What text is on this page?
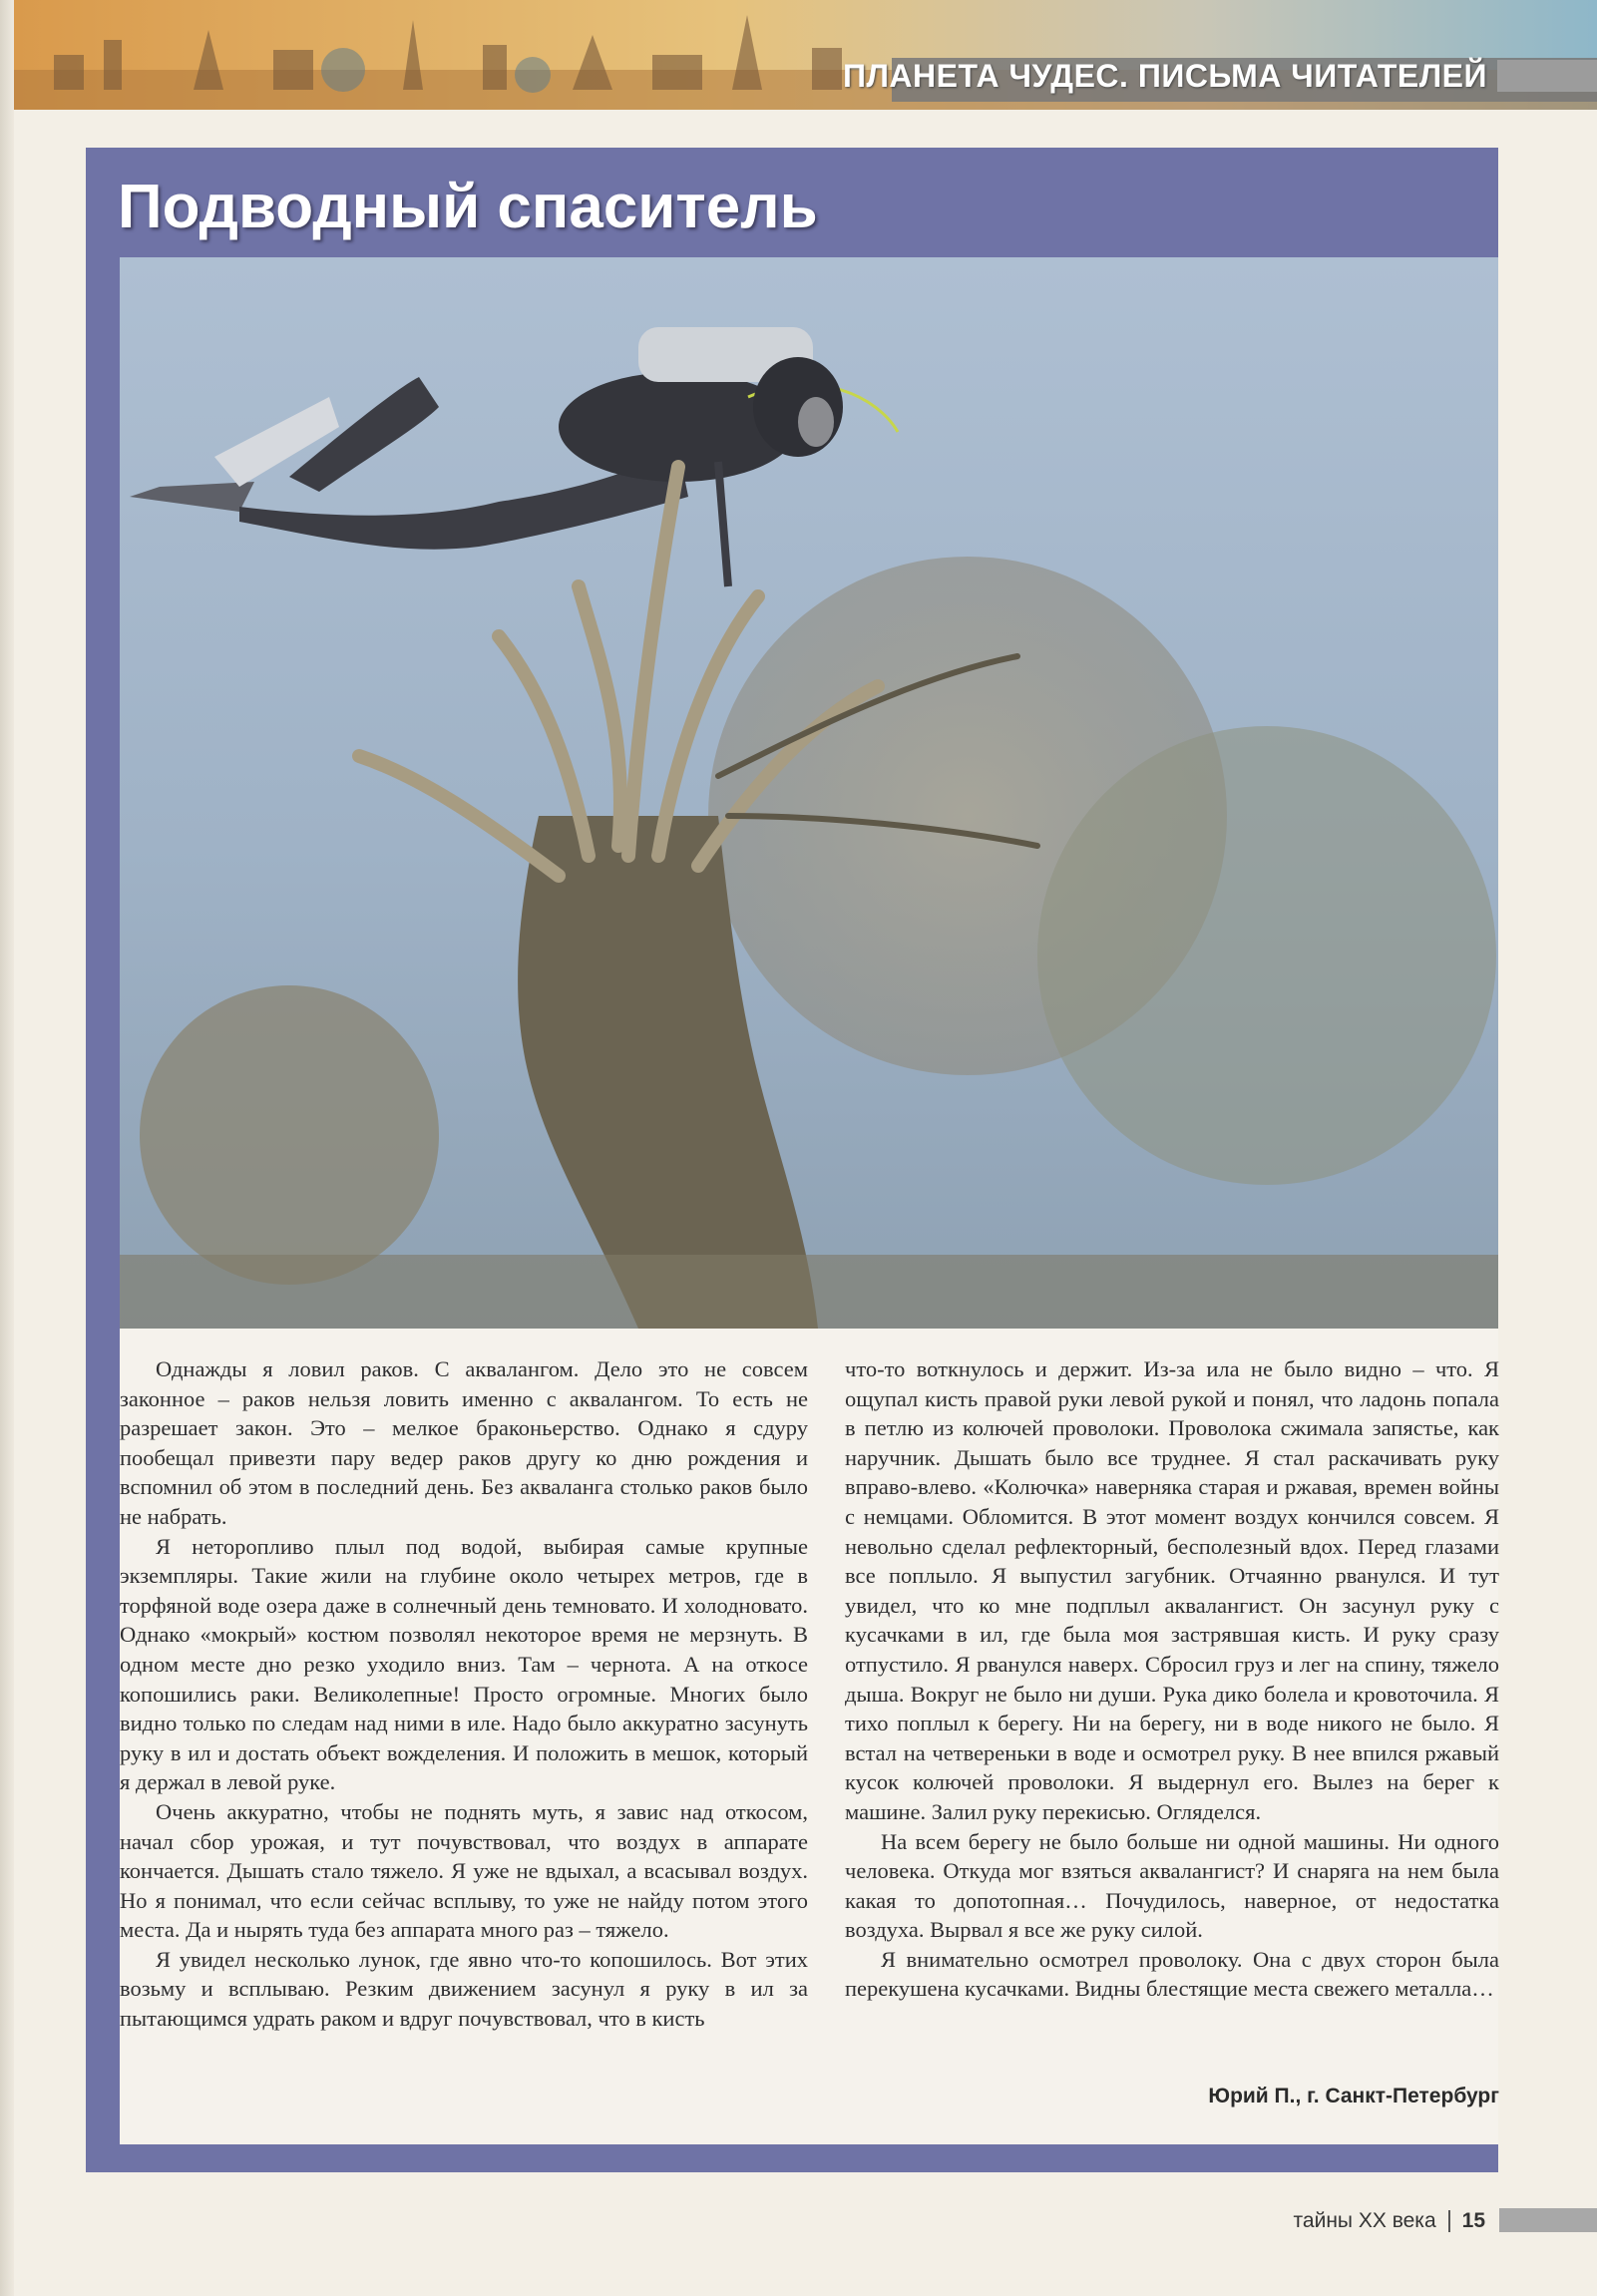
ПЛАНЕТА ЧУДЕС. ПИСЬМА ЧИТАТЕЛЕЙ
Подводный спаситель

Однажды я ловил раков. С аквалангом. Дело это не совсем законное – раков нельзя ловить именно с аквалангом. То есть не разрешает закон. Это – мелкое браконьерство. Однако я сдуру пообещал привезти пару ведер раков другу ко дню рождения и вспомнил об этом в последний день. Без акваланга столько раков было не набрать.

Я неторопливо плыл под водой, выбирая самые крупные экземпляры. Такие жили на глубине около четырех метров, где в торфяной воде озера даже в солнечный день темновато. И холодновато. Однако «мокрый» костюм позволял некоторое время не мерзнуть. В одном месте дно резко уходило вниз. Там – чернота. А на откосе копошились раки. Великолепные! Просто огромные. Многих было видно только по следам над ними в иле. Надо было аккуратно засунуть руку в ил и достать объект вожделения. И положить в мешок, который я держал в левой руке.

Очень аккуратно, чтобы не поднять муть, я завис над откосом, начал сбор урожая, и тут почувствовал, что воздух в аппарате кончается. Дышать стало тяжело. Я уже не вдыхал, а всасывал воздух. Но я понимал, что если сейчас всплыву, то уже не найду потом этого места. Да и нырять туда без аппарата много раз – тяжело.

Я увидел несколько лунок, где явно что-то копошилось. Вот этих возьму и всплываю. Резким движением засунул я руку в ил за пытающимся удрать раком и вдруг почувствовал, что в кисть

что-то воткнулось и держит. Из-за ила не было видно – что. Я ощупал кисть правой руки левой рукой и понял, что ладонь попала в петлю из колючей проволоки. Проволока сжимала запястье, как наручник. Дышать было все труднее. Я стал раскачивать руку вправо-влево. «Колючка» наверняка старая и ржавая, времен войны с немцами. Обломится. В этот момент воздух кончился совсем. Я невольно сделал рефлекторный, бесполезный вдох. Перед глазами все поплыло. Я выпустил загубник. Отчаянно рванулся. И тут увидел, что ко мне подплыл аквалангист. Он засунул руку с кусачками в ил, где была моя застрявшая кисть. И руку сразу отпустило. Я рванулся наверх. Сбросил груз и лег на спину, тяжело дыша. Вокруг не было ни души. Рука дико болела и кровоточила. Я тихо поплыл к берегу. Ни на берегу, ни в воде никого не было. Я встал на четвереньки в воде и осмотрел руку. В нее впился ржавый кусок колючей проволоки. Я выдернул его. Вылез на берег к машине. Залил руку перекисью. Огляделся.

На всем берегу не было больше ни одной машины. Ни одного человека. Откуда мог взяться аквалангист? И снаряга на нем была какая то допотопная… Почудилось, наверное, от недостатка воздуха. Вырвал я все же руку силой.

Я внимательно осмотрел проволоку. Она с двух сторон была перекушена кусачками. Видны блестящие места свежего металла…

Юрий П., г. Санкт-Петербург
тайны XX века 15
